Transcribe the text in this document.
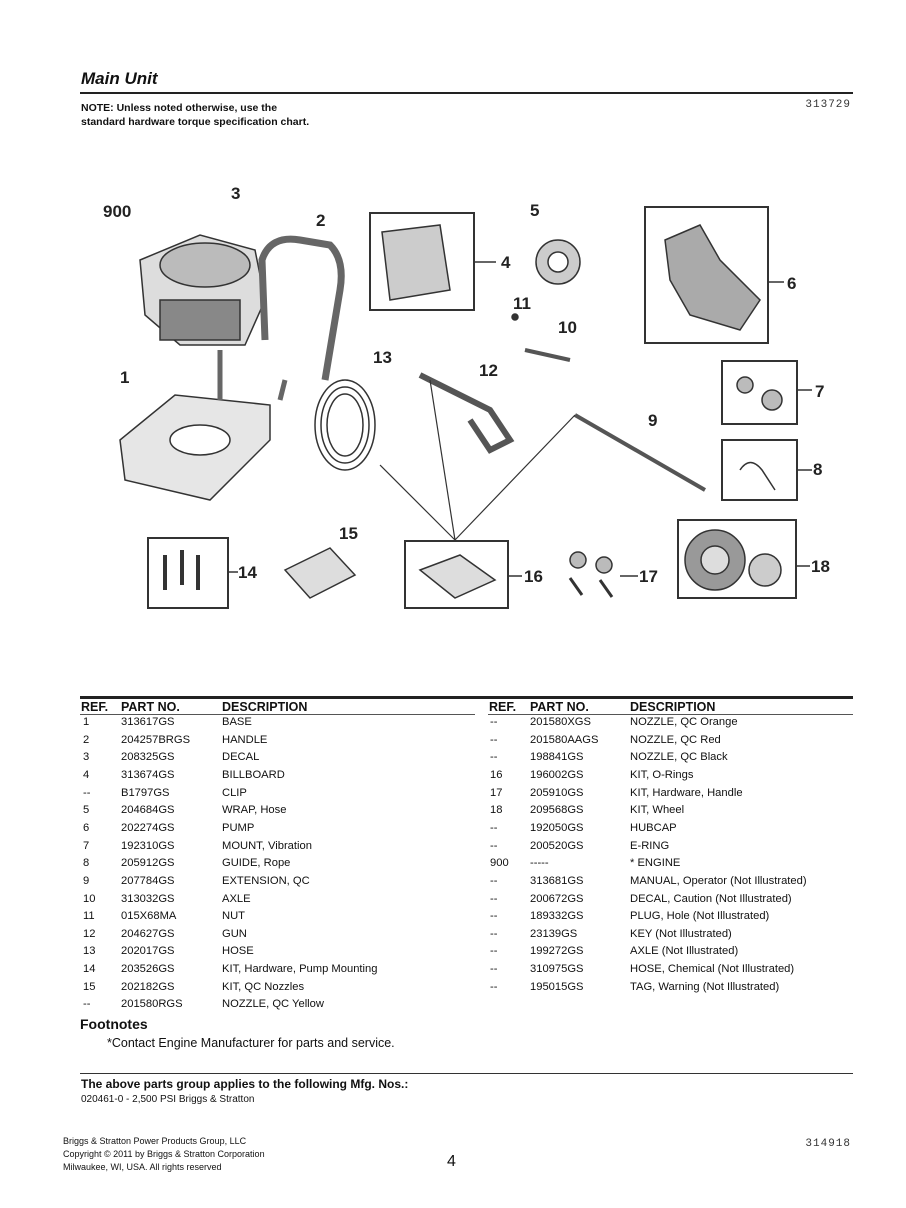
Main Unit
NOTE: Unless noted otherwise, use the standard hardware torque specification chart.
313729
900
3
2
4
5
6
11
10
13
12
1
7
9
8
15
14	16	17
18
REF. PART NO.	DESCRIPTION	REF. PART NO.	DESCRIPTION
1	313617GS	BASE
2	204257BRGS	HANDLE
3	208325GS	DECAL
4	313674GS	BILLBOARD
--	B1797GS	CLIP
5	204684GS	WRAP, Hose
6	202274GS	PUMP
7	192310GS	MOUNT, Vibration
8	205912GS	GUIDE, Rope
9	207784GS	EXTENSION, QC
10 313032GS	AXLE
11 015X68MA	NUT
12 204627GS	GUN
13 202017GS	HOSE
14 203526GS	KIT, Hardware, Pump Mounting
15 202182GS	KIT, QC Nozzles
--	201580RGS	NOZZLE, QC Yellow
--	201580XGS	NOZZLE, QC Orange
--	201580AAGS	NOZZLE, QC Red
--	198841GS	NOZZLE, QC Black
16 196002GS	KIT, O-Rings
17 205910GS	KIT, Hardware, Handle
18 209568GS	KIT, Wheel
--	192050GS	HUBCAP
--	200520GS	E-RING
900 -----	* ENGINE
--	313681GS	MANUAL, Operator (Not Illustrated)
--	200672GS	DECAL, Caution (Not Illustrated)
--	189332GS	PLUG, Hole (Not Illustrated)
--	23139GS	KEY (Not Illustrated)
--	199272GS	AXLE (Not Illustrated)
--	310975GS	HOSE, Chemical (Not Illustrated)
--	195015GS	TAG, Warning (Not Illustrated)
Footnotes
*Contact Engine Manufacturer for parts and service.
The above parts group applies to the following Mfg. Nos.:
020461-0 - 2,500 PSI Briggs & Stratton
Briggs & Stratton Power Products Group, LLC
Copyright © 2011 by Briggs & Stratton Corporation
Milwaukee, WI, USA. All rights reserved	4
314918
